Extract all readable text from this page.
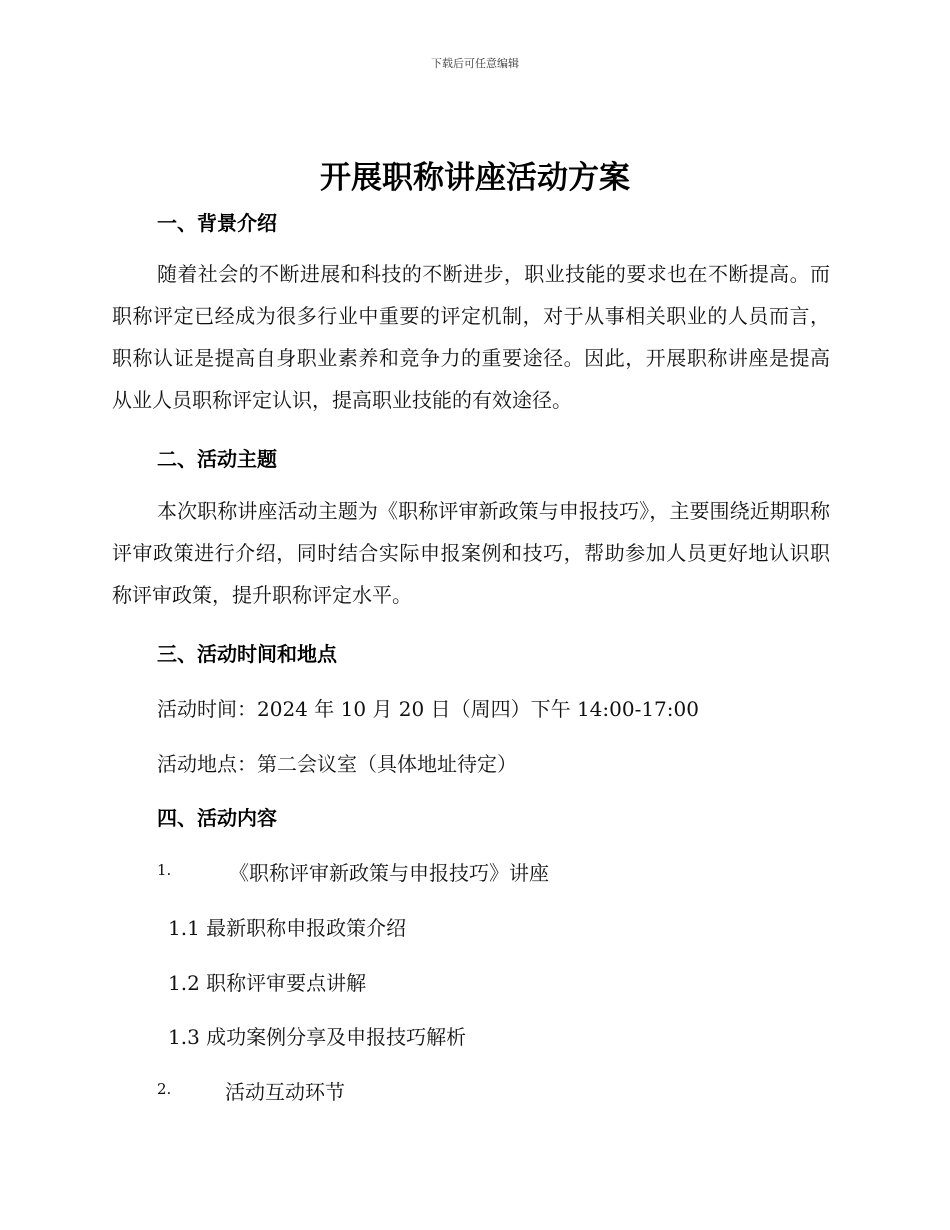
下载后可任意编辑
开展职称讲座活动方案
一、背景介绍

随着社会的不断进展和科技的不断进步，职业技能的要求也在不断提高。而职称评定已经成为很多行业中重要的评定机制，对于从事相关职业的人员而言，职称认证是提高自身职业素养和竞争力的重要途径。因此，开展职称讲座是提高从业人员职称评定认识，提高职业技能的有效途径。

二、活动主题

本次职称讲座活动主题为《职称评审新政策与申报技巧》，主要围绕近期职称评审政策进行介绍，同时结合实际申报案例和技巧，帮助参加人员更好地认识职称评审政策，提升职称评定水平。

三、活动时间和地点

活动时间：2024 年 10 月 20 日（周四）下午 14:00-17:00

活动地点：第二会议室（具体地址待定）

四、活动内容

1.	《职称评审新政策与申报技巧》讲座

1.1 最新职称申报政策介绍

1.2 职称评审要点讲解

1.3 成功案例分享及申报技巧解析

2.	活动互动环节
